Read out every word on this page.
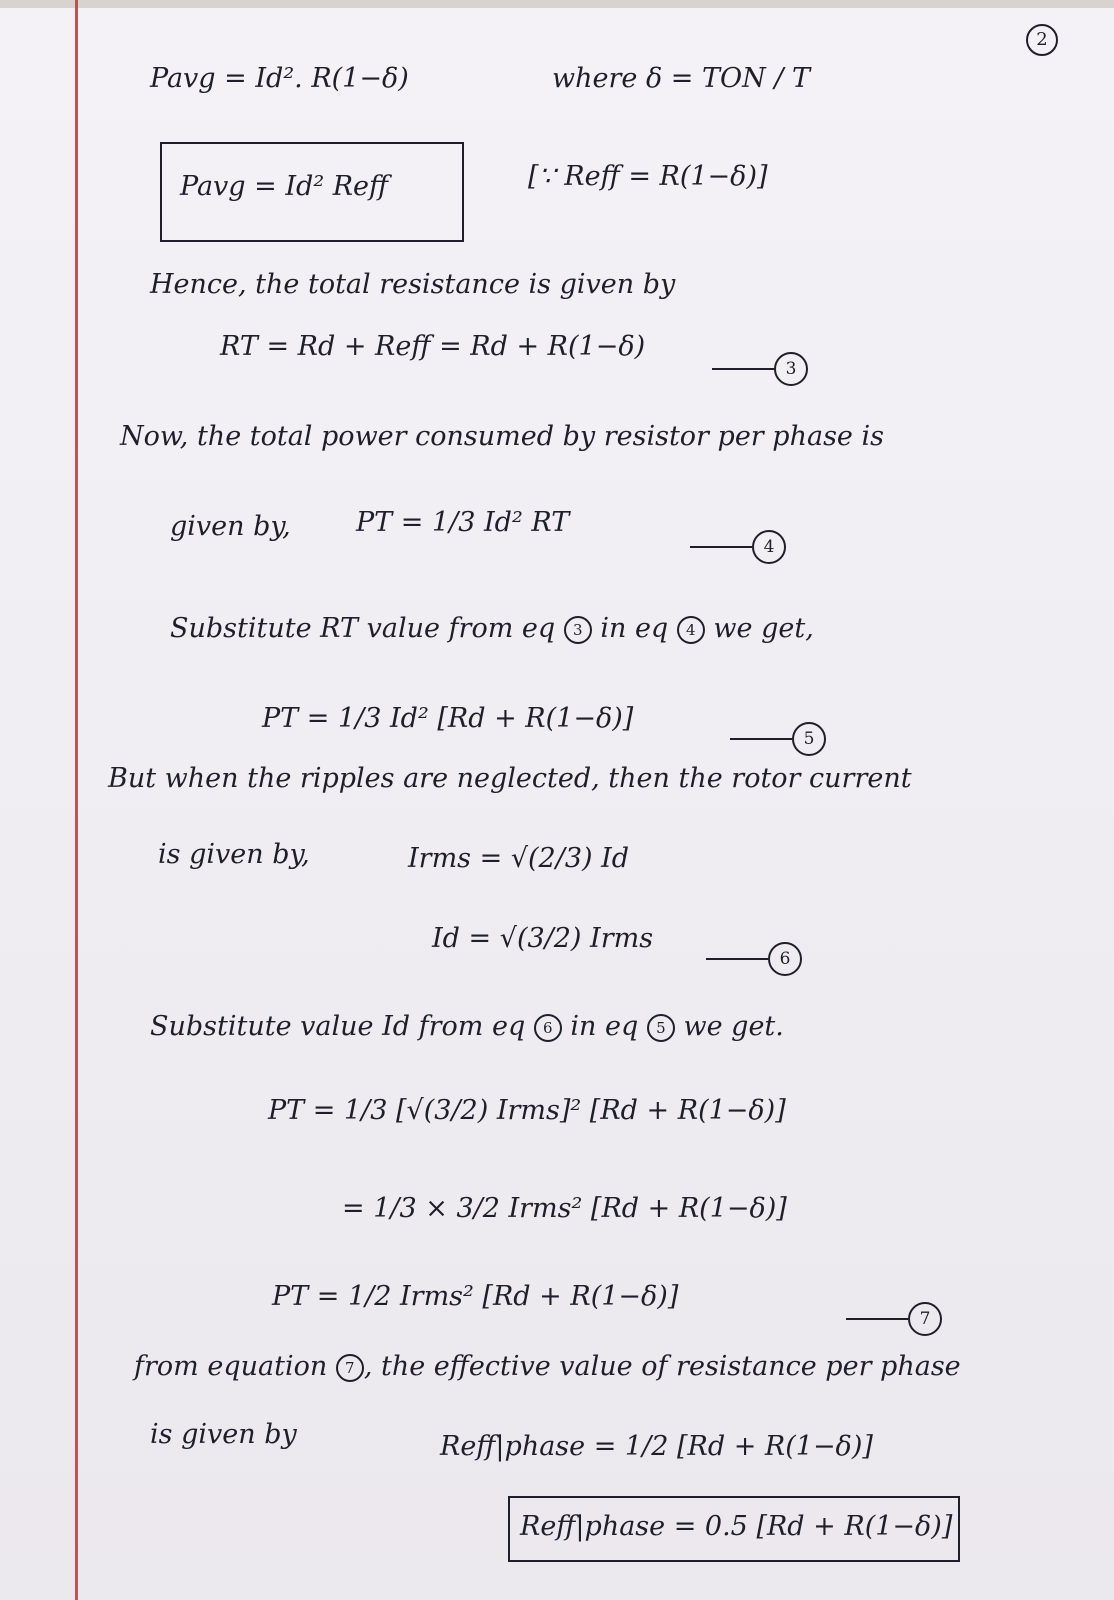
2
Pavg = Id². R(1−δ)	where δ = TON / T
Pavg = Id² Reff	[∵ Reff = R(1−δ)]
Hence, the total resistance is given by
RT = Rd + Reff = Rd + R(1−δ)
3
Now, the total power consumed by resistor per phase is
given by, PT = 1/3 Id² RT
4
Substitute RT value from eq 3 in eq 4 we get,
PT = 1/3 Id² [Rd + R(1−δ)]
5
But when the ripples are neglected, then the rotor current
is given by,	Irms = √(2/3) Id
Id = √(3/2) Irms
6
Substitute value Id from eq 6 in eq 5 we get.
PT = 1/3 [√(3/2) Irms]² [Rd + R(1−δ)]
= 1/3 × 3/2 Irms² [Rd + R(1−δ)]
PT = 1/2 Irms² [Rd + R(1−δ)]
7
from equation 7 , the effective value of resistance per phase
is given by	Reff|phase = 1/2 [Rd + R(1−δ)]
Reff|phase = 0.5 [Rd + R(1−δ)]
